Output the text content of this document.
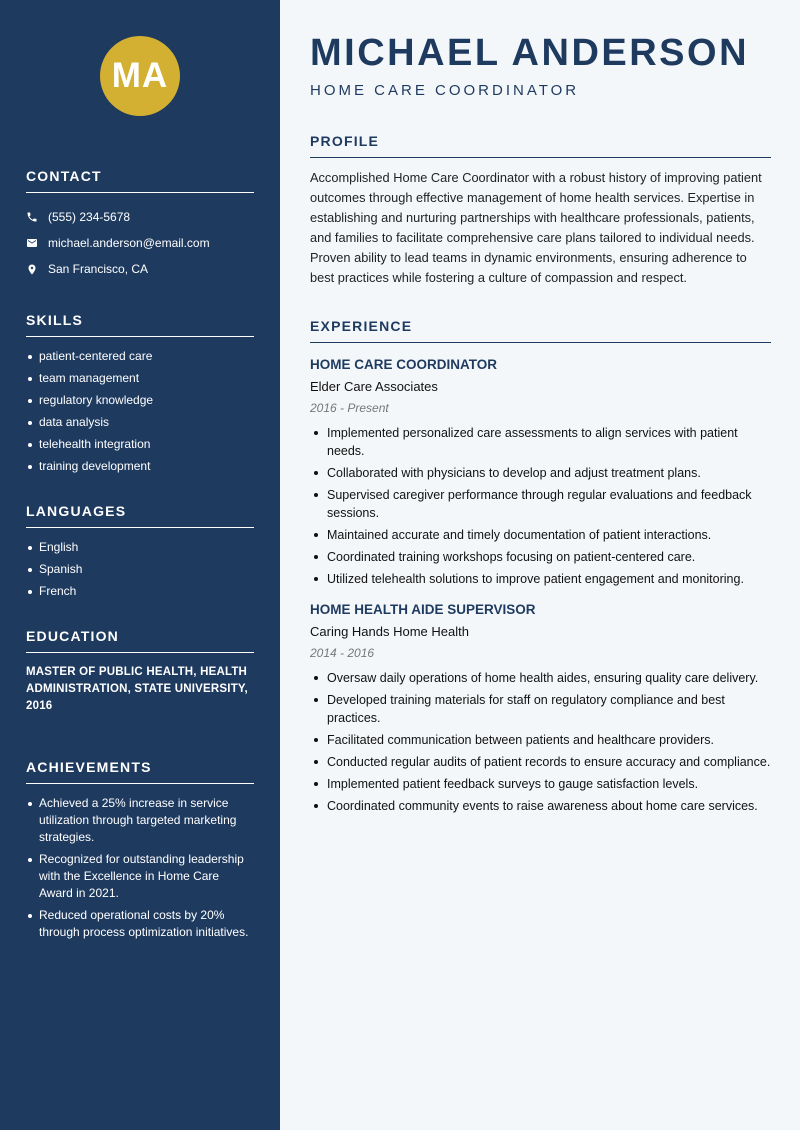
MA
CONTACT
(555) 234-5678
michael.anderson@email.com
San Francisco, CA
SKILLS
patient-centered care
team management
regulatory knowledge
data analysis
telehealth integration
training development
LANGUAGES
English
Spanish
French
EDUCATION

MASTER OF PUBLIC HEALTH, HEALTH ADMINISTRATION, STATE UNIVERSITY, 2016

ACHIEVEMENTS
Achieved a 25% increase in service utilization through targeted marketing strategies.
Recognized for outstanding leadership with the Excellence in Home Care Award in 2021.
Reduced operational costs by 20% through process optimization initiatives.
MICHAEL ANDERSON
HOME CARE COORDINATOR
PROFILE

Accomplished Home Care Coordinator with a robust history of improving patient outcomes through effective management of home health services. Expertise in establishing and nurturing partnerships with healthcare professionals, patients, and families to facilitate comprehensive care plans tailored to individual needs. Proven ability to lead teams in dynamic environments, ensuring adherence to best practices while fostering a culture of compassion and respect.

EXPERIENCE
HOME CARE COORDINATOR
Elder Care Associates
2016 - Present
Implemented personalized care assessments to align services with patient needs.
Collaborated with physicians to develop and adjust treatment plans.
Supervised caregiver performance through regular evaluations and feedback sessions.
Maintained accurate and timely documentation of patient interactions.
Coordinated training workshops focusing on patient-centered care.
Utilized telehealth solutions to improve patient engagement and monitoring.
HOME HEALTH AIDE SUPERVISOR
Caring Hands Home Health
2014 - 2016
Oversaw daily operations of home health aides, ensuring quality care delivery.
Developed training materials for staff on regulatory compliance and best practices.
Facilitated communication between patients and healthcare providers.
Conducted regular audits of patient records to ensure accuracy and compliance.
Implemented patient feedback surveys to gauge satisfaction levels.
Coordinated community events to raise awareness about home care services.
